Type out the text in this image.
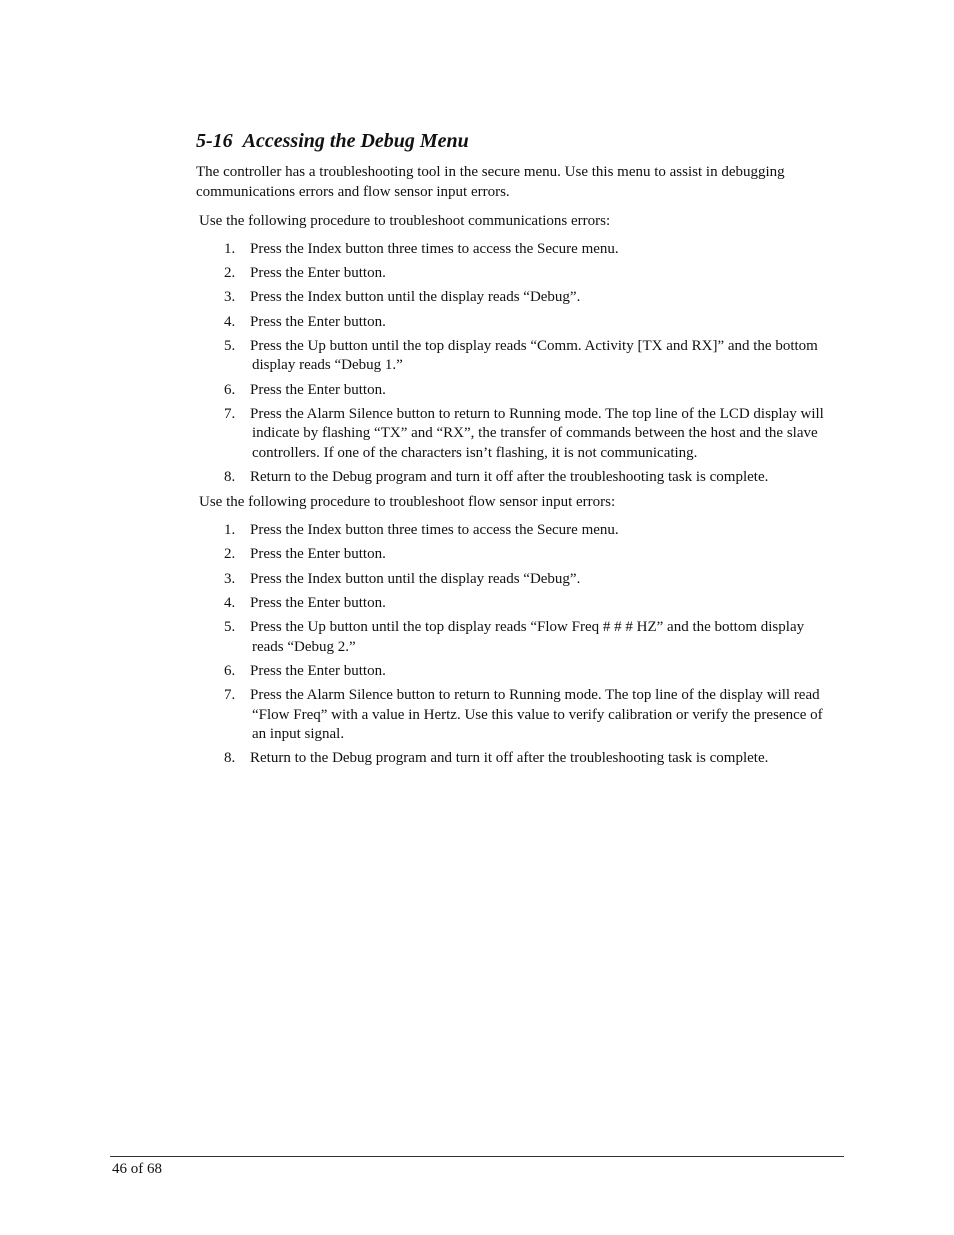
5-16 Accessing the Debug Menu

The controller has a troubleshooting tool in the secure menu. Use this menu to assist in debugging communications errors and flow sensor input errors.

Use the following procedure to troubleshoot communications errors:

1. Press the Index button three times to access the Secure menu.
2. Press the Enter button.
3. Press the Index button until the display reads “Debug”.
4. Press the Enter button.
5. Press the Up button until the top display reads “Comm. Activity [TX and RX]” and the bottom display reads “Debug 1.”
6. Press the Enter button.
7. Press the Alarm Silence button to return to Running mode. The top line of the LCD display will indicate by flashing “TX” and “RX”, the transfer of commands between the host and the slave controllers. If one of the characters isn’t flashing, it is not communicating.
8. Return to the Debug program and turn it off after the troubleshooting task is complete.

Use the following procedure to troubleshoot flow sensor input errors:

1. Press the Index button three times to access the Secure menu.
2. Press the Enter button.
3. Press the Index button until the display reads “Debug”.
4. Press the Enter button.
5. Press the Up button until the top display reads “Flow Freq # # # HZ” and the bottom display reads “Debug 2.”
6. Press the Enter button.
7. Press the Alarm Silence button to return to Running mode. The top line of the display will read “Flow Freq” with a value in Hertz. Use this value to verify calibration or verify the presence of an input signal.
8. Return to the Debug program and turn it off after the troubleshooting task is complete.
46 of 68
